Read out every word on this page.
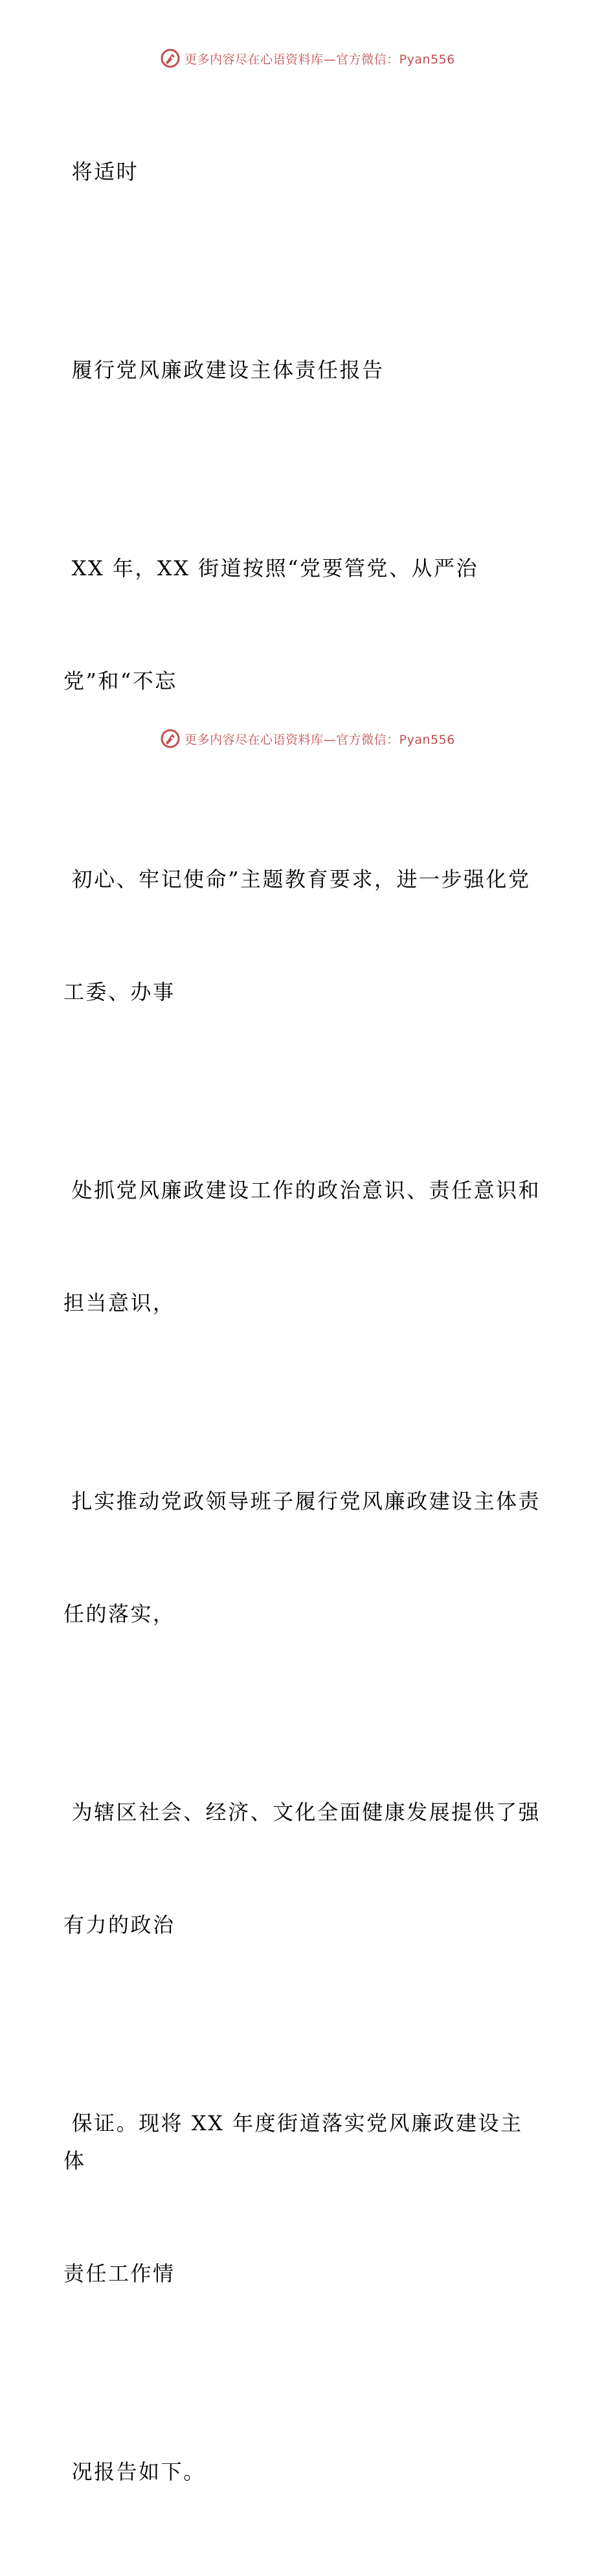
更多内容尽在心语资料库—官方微信：Pyan556

将适时

履行党风廉政建设主体责任报告

XX 年，XX 街道按照“党要管党、从严治

党”和“不忘

初心、牢记使命”主题教育要求，进一步强化党

工委、办事

处抓党风廉政建设工作的政治意识、责任意识和

担当意识，

扎实推动党政领导班子履行党风廉政建设主体责

任的落实，

为辖区社会、经济、文化全面健康发展提供了强

有力的政治

保证。现将 XX 年度街道落实党风廉政建设主体

责任工作情

况报告如下。

更多内容尽在心语资料库—官方微信：Pyan556
